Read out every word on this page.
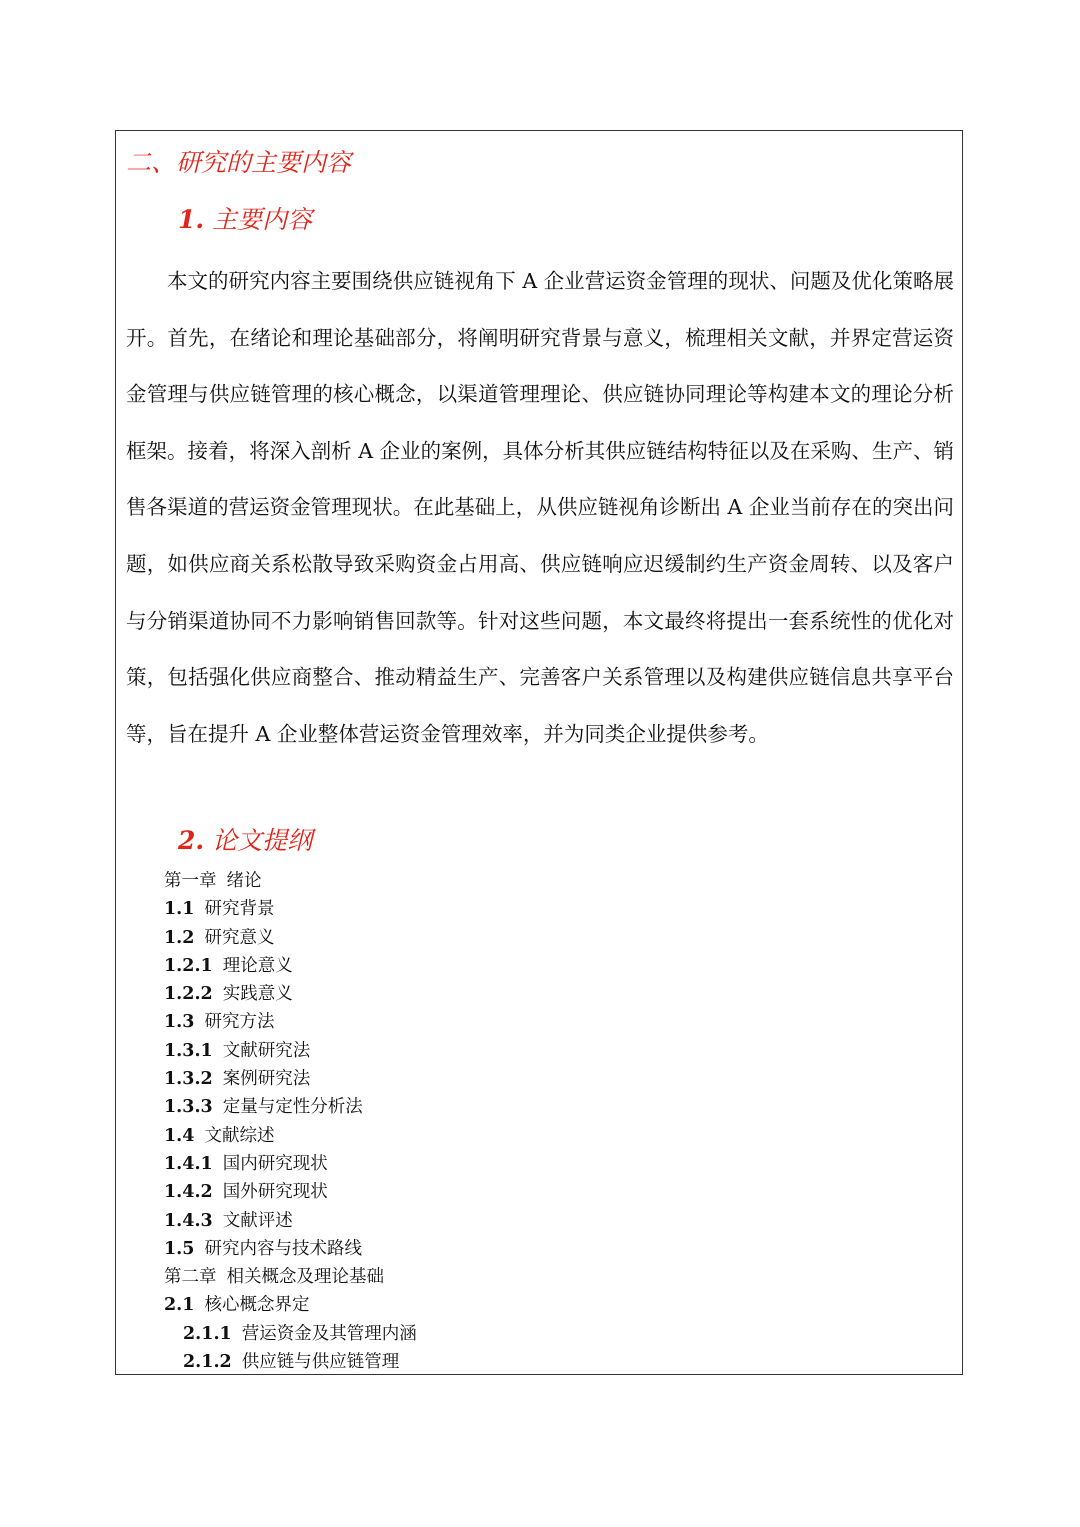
二、研究的主要内容
1. 主要内容

本文的研究内容主要围绕供应链视角下 A 企业营运资金管理的现状、问题及优化策略展开。首先，在绪论和理论基础部分，将阐明研究背景与意义，梳理相关文献，并界定营运资金管理与供应链管理的核心概念，以渠道管理理论、供应链协同理论等构建本文的理论分析框架。接着，将深入剖析 A 企业的案例，具体分析其供应链结构特征以及在采购、生产、销售各渠道的营运资金管理现状。在此基础上，从供应链视角诊断出 A 企业当前存在的突出问题，如供应商关系松散导致采购资金占用高、供应链响应迟缓制约生产资金周转、以及客户与分销渠道协同不力影响销售回款等。针对这些问题，本文最终将提出一套系统性的优化对策，包括强化供应商整合、推动精益生产、完善客户关系管理以及构建供应链信息共享平台等，旨在提升 A 企业整体营运资金管理效率，并为同类企业提供参考。

2. 论文提纲
第一章 绪论
1.1 研究背景
1.2 研究意义
1.2.1 理论意义
1.2.2 实践意义
1.3 研究方法
1.3.1 文献研究法
1.3.2 案例研究法
1.3.3 定量与定性分析法
1.4 文献综述
1.4.1 国内研究现状
1.4.2 国外研究现状
1.4.3 文献评述
1.5 研究内容与技术路线
第二章 相关概念及理论基础
2.1 核心概念界定
2.1.1 营运资金及其管理内涵
2.1.2 供应链与供应链管理
